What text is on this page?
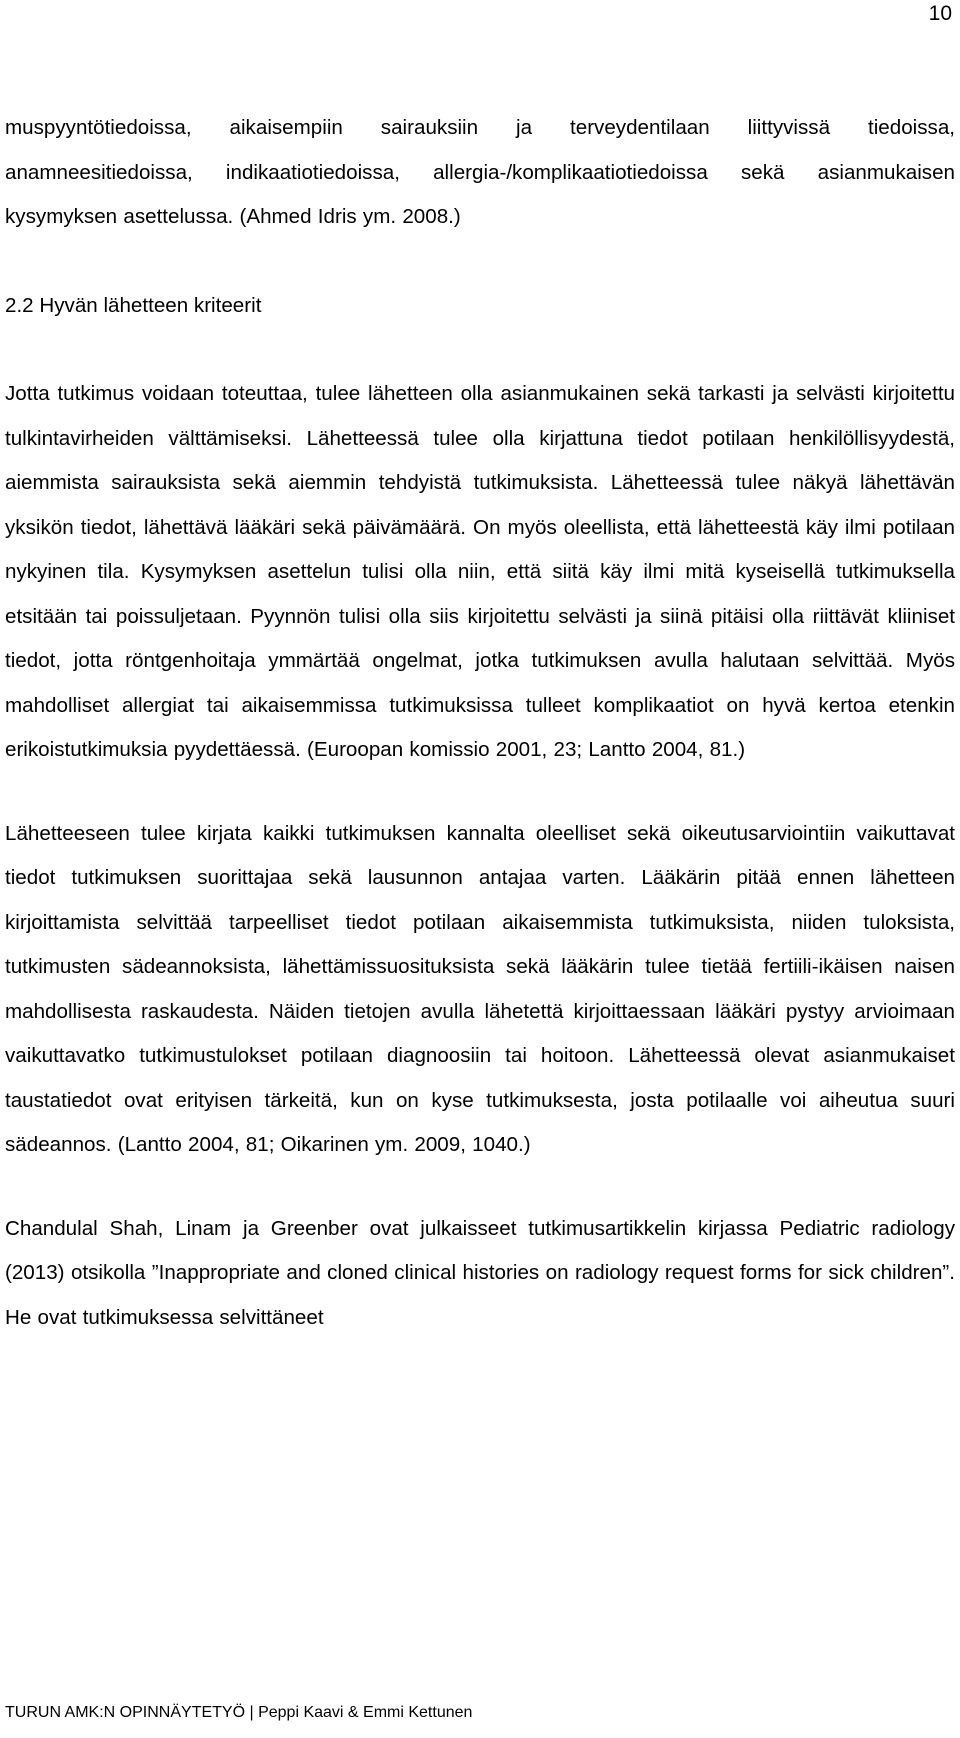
10

muspyyntötiedoissa, aikaisempiin sairauksiin ja terveydentilaan liittyvissä tiedoissa, anamneesitiedoissa, indikaatiotiedoissa, allergia-/komplikaatiotiedoissa sekä asianmukaisen kysymyksen asettelussa. (Ahmed Idris ym. 2008.)

2.2 Hyvän lähetteen kriteerit

Jotta tutkimus voidaan toteuttaa, tulee lähetteen olla asianmukainen sekä tarkasti ja selvästi kirjoitettu tulkintavirheiden välttämiseksi. Lähetteessä tulee olla kirjattuna tiedot potilaan henkilöllisyydestä, aiemmista sairauksista sekä aiemmin tehdyistä tutkimuksista. Lähetteessä tulee näkyä lähettävän yksikön tiedot, lähettävä lääkäri sekä päivämäärä. On myös oleellista, että lähetteestä käy ilmi potilaan nykyinen tila. Kysymyksen asettelun tulisi olla niin, että siitä käy ilmi mitä kyseisellä tutkimuksella etsitään tai poissuljetaan. Pyynnön tulisi olla siis kirjoitettu selvästi ja siinä pitäisi olla riittävät kliiniset tiedot, jotta röntgenhoitaja ymmärtää ongelmat, jotka tutkimuksen avulla halutaan selvittää. Myös mahdolliset allergiat tai aikaisemmissa tutkimuksissa tulleet komplikaatiot on hyvä kertoa etenkin erikoistutkimuksia pyydettäessä. (Euroopan komissio 2001, 23; Lantto 2004, 81.)

Lähetteeseen tulee kirjata kaikki tutkimuksen kannalta oleelliset sekä oikeutusarviointiin vaikuttavat tiedot tutkimuksen suorittajaa sekä lausunnon antajaa varten. Lääkärin pitää ennen lähetteen kirjoittamista selvittää tarpeelliset tiedot potilaan aikaisemmista tutkimuksista, niiden tuloksista, tutkimusten sädeannoksista, lähettämissuosituksista sekä lääkärin tulee tietää fertiili-ikäisen naisen mahdollisesta raskaudesta. Näiden tietojen avulla lähetettä kirjoittaessaan lääkäri pystyy arvioimaan vaikuttavatko tutkimustulokset potilaan diagnoosiin tai hoitoon. Lähetteessä olevat asianmukaiset taustatiedot ovat erityisen tärkeitä, kun on kyse tutkimuksesta, josta potilaalle voi aiheutua suuri sädeannos. (Lantto 2004, 81; Oikarinen ym. 2009, 1040.)

Chandulal Shah, Linam ja Greenber ovat julkaisseet tutkimusartikkelin kirjassa Pediatric radiology (2013) otsikolla ”Inappropriate and cloned clinical histories on radiology request forms for sick children”. He ovat tutkimuksessa selvittäneet

TURUN AMK:N OPINNÄYTETYÖ | Peppi Kaavi & Emmi Kettunen
